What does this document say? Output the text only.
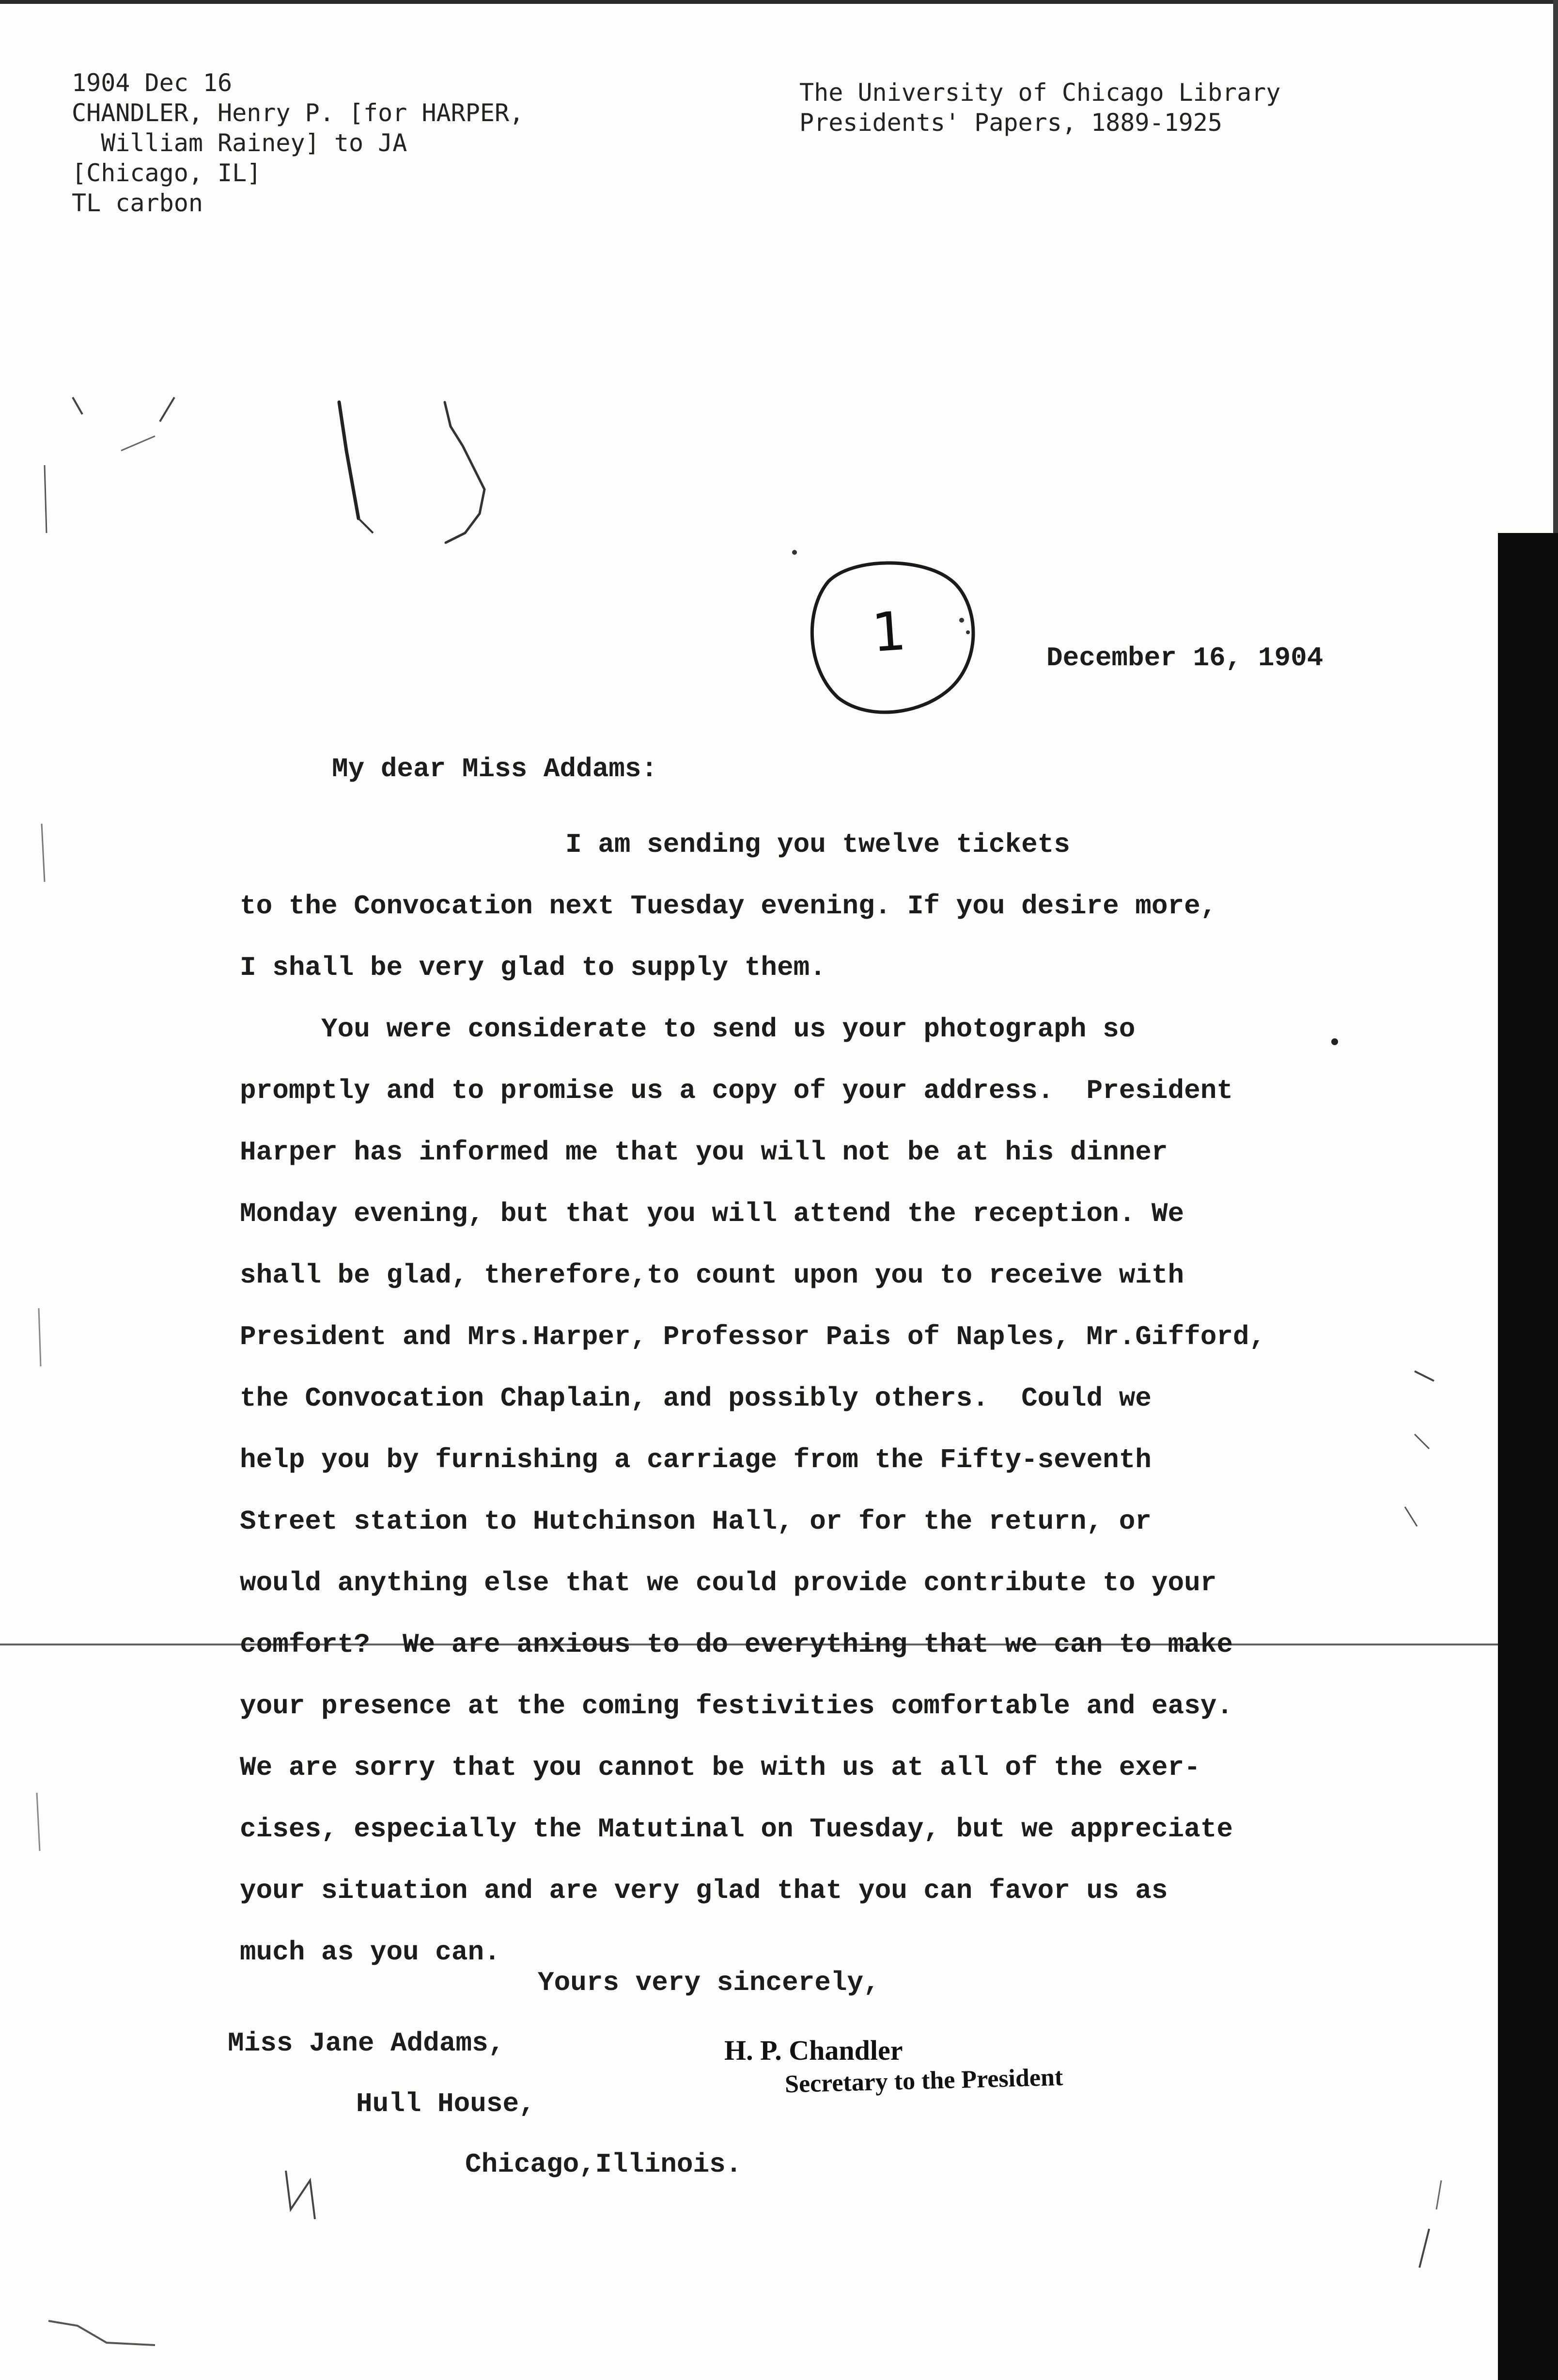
1904 Dec 16
CHANDLER, Henry P. [for HARPER,
William Rainey] to JA
[Chicago, IL]
TL carbon
The University of Chicago Library
Presidents' Papers, 1889-1925
1	December 16, 1904
My dear Miss Addams:
I am sending you twelve tickets
to the Convocation next Tuesday evening. If you desire more,
I shall be very glad to supply them.
You were considerate to send us your photograph so
promptly and to promise us a copy of your address.  President
Harper has informed me that you will not be at his dinner
Monday evening, but that you will attend the reception. We
shall be glad, therefore,to count upon you to receive with
President and Mrs.Harper, Professor Pais of Naples, Mr.Gifford,
the Convocation Chaplain, and possibly others.  Could we
help you by furnishing a carriage from the Fifty-seventh
Street station to Hutchinson Hall, or for the return, or
would anything else that we could provide contribute to your
comfort?  We are anxious to do everything that we can to make
your presence at the coming festivities comfortable and easy.
We are sorry that you cannot be with us at all of the exer-
cises, especially the Matutinal on Tuesday, but we appreciate
your situation and are very glad that you can favor us as
much as you can.
Yours very sincerely,
Miss Jane Addams,
Hull House,
Chicago,Illinois.
H. P. Chandler
Secretary to the President
